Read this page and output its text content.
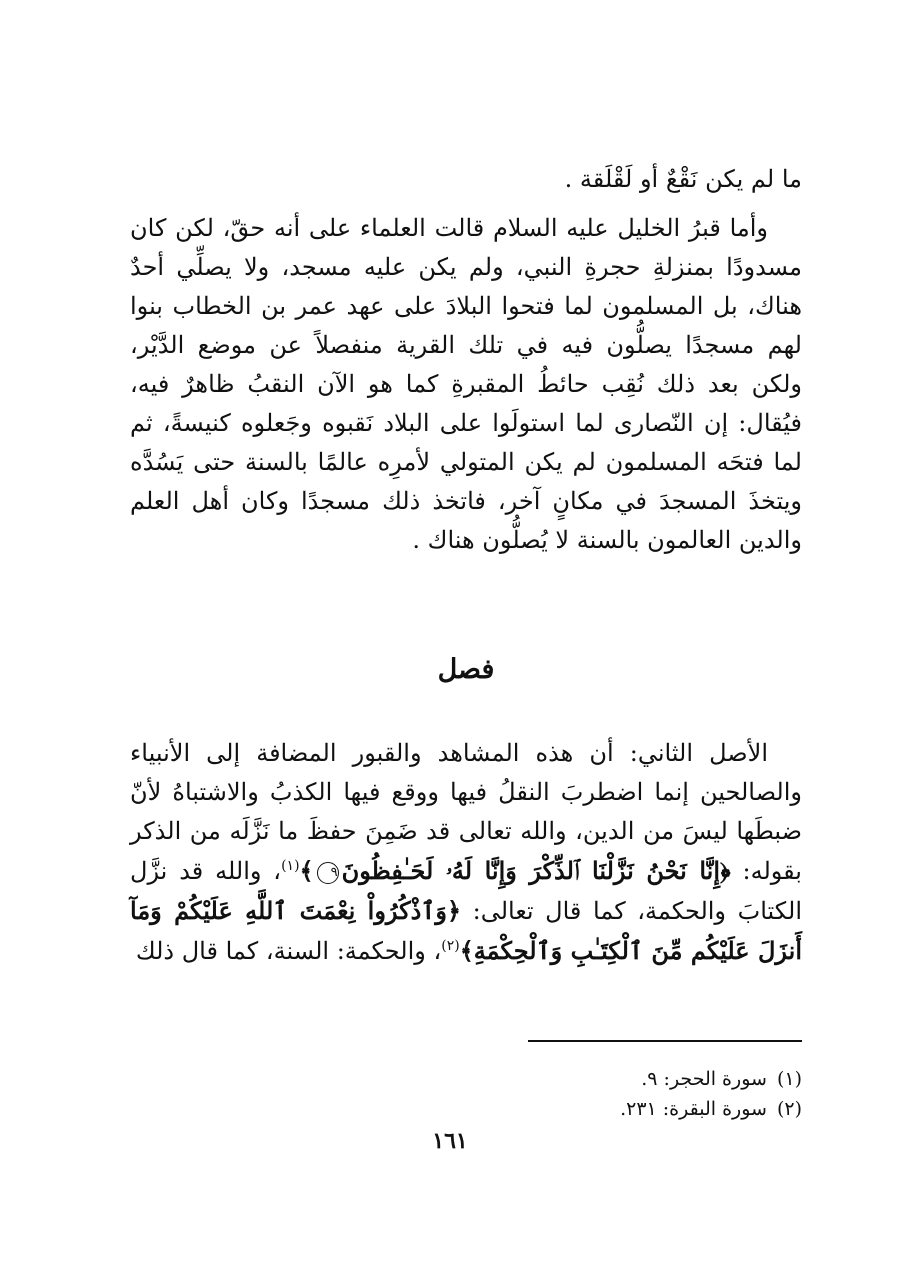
ما لم يكن نَقْعٌ أو لَقْلَقة .

وأما قبرُ الخليل عليه السلام قالت العلماء على أنه حقّ، لكن كان مسدودًا بمنزلةِ حجرةِ النبي، ولم يكن عليه مسجد، ولا يصلِّي أحدٌ هناك، بل المسلمون لما فتحوا البلادَ على عهد عمر بن الخطاب بنوا لهم مسجدًا يصلُّون فيه في تلك القرية منفصلاً عن موضع الدَّيْر، ولكن بعد ذلك نُقِب حائطُ المقبرةِ كما هو الآن النقبُ ظاهرٌ فيه، فيُقال: إن النّصارى لما استولَوا على البلاد نَقبوه وجَعلوه كنيسةً، ثم لما فتحَه المسلمون لم يكن المتولي لأمرِه عالمًا بالسنة حتى يَسُدَّه ويتخذَ المسجدَ في مكانٍ آخر، فاتخذ ذلك مسجدًا وكان أهل العلم والدين العالمون بالسنة لا يُصلُّون هناك .

فصل

الأصل الثاني: أن هذه المشاهد والقبور المضافة إلى الأنبياء والصالحين إنما اضطربَ النقلُ فيها ووقع فيها الكذبُ والاشتباهُ لأنّ ضبطَها ليسَ من الدين، والله تعالى قد ضَمِنَ حفظَ ما نَزَّلَه من الذكر بقوله: ﴿إِنَّا نَحْنُ نَزَّلْنَا ٱلذِّكْرَ وَإِنَّا لَهُۥ لَحَـٰفِظُونَ٩﴾$^{(١)}$، والله قد نزَّل الكتابَ والحكمة، كما قال تعالى: ﴿وَٱذْكُرُواْ نِعْمَتَ ٱللَّهِ عَلَيْكُمْ وَمَآ أَنزَلَ عَلَيْكُم مِّنَ ٱلْكِتَـٰبِ وَٱلْحِكْمَةِ﴾$^{(٢)}$، والحكمة: السنة، كما قال ذلك

(١)سورة الحجر: ٩.

(٢)سورة البقرة: ٢٣١.

١٦١
